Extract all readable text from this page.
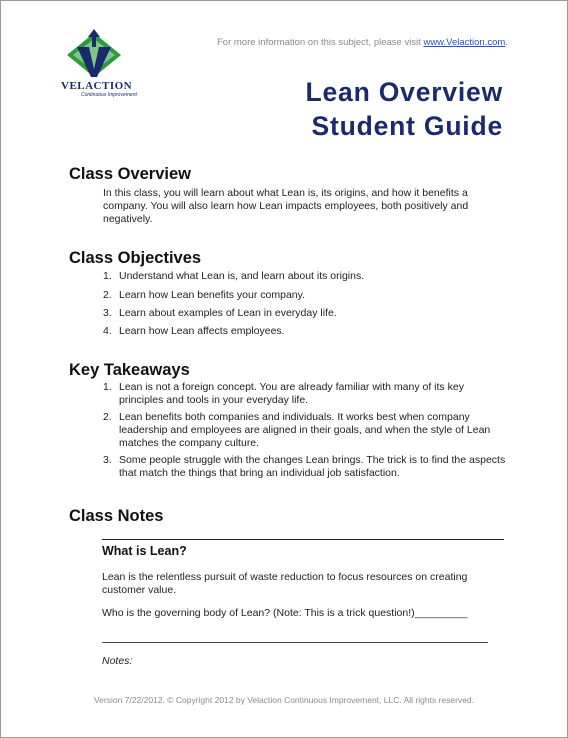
VELACTION
Continuous Improvement
For more information on this subject, please visit www.Velaction.com.
Lean Overview
Student Guide
Class Overview
In this class, you will learn about what Lean is, its origins, and how it benefits a company. You will also learn how Lean impacts employees, both positively and negatively.
Class Objectives
1. Understand what Lean is, and learn about its origins.
2. Learn how Lean benefits your company.
3. Learn about examples of Lean in everyday life.
4. Learn how Lean affects employees.
Key Takeaways
1. Lean is not a foreign concept. You are already familiar with many of its key principles and tools in your everyday life.
2. Lean benefits both companies and individuals. It works best when company leadership and employees are aligned in their goals, and when the style of Lean matches the company culture.
3. Some people struggle with the changes Lean brings. The trick is to find the aspects that match the things that bring an individual job satisfaction.
Class Notes
What is Lean?
Lean is the relentless pursuit of waste reduction to focus resources on creating customer value.
Who is the governing body of Lean? (Note: This is a trick question!)_________
Notes:
Version 7/22/2012. © Copyright 2012 by Velaction Continuous Improvement, LLC. All rights reserved.
